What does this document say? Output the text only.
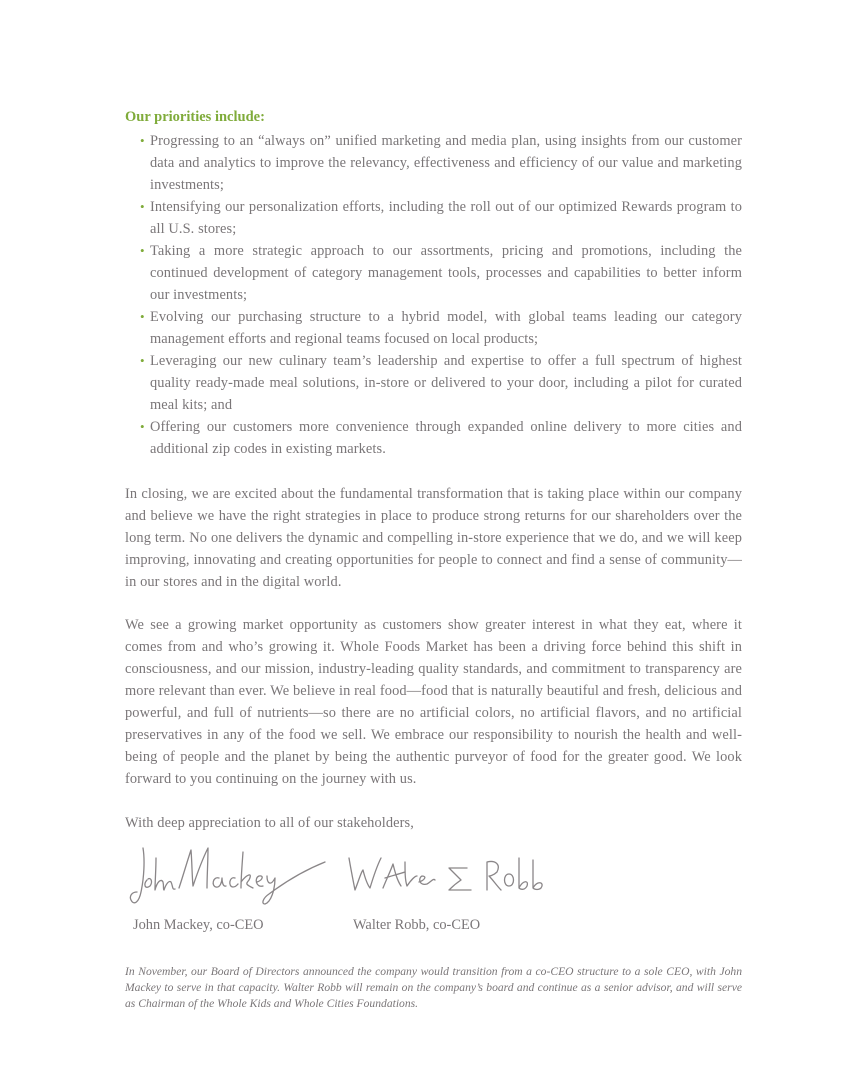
Our priorities include:
• Progressing to an “always on” unified marketing and media plan, using insights from our customer data and analytics to improve the relevancy, effectiveness and efficiency of our value and marketing investments;
• Intensifying our personalization efforts, including the roll out of our optimized Rewards program to all U.S. stores;
• Taking a more strategic approach to our assortments, pricing and promotions, including the continued development of category management tools, processes and capabilities to better inform our investments;
• Evolving our purchasing structure to a hybrid model, with global teams leading our category management efforts and regional teams focused on local products;
• Leveraging our new culinary team’s leadership and expertise to offer a full spectrum of highest quality ready-made meal solutions, in-store or delivered to your door, including a pilot for curated meal kits; and
• Offering our customers more convenience through expanded online delivery to more cities and additional zip codes in existing markets.

In closing, we are excited about the fundamental transformation that is taking place within our company and believe we have the right strategies in place to produce strong returns for our shareholders over the long term. No one delivers the dynamic and compelling in-store experience that we do, and we will keep improving, innovating and creating opportunities for people to connect and find a sense of community—in our stores and in the digital world.

We see a growing market opportunity as customers show greater interest in what they eat, where it comes from and who’s growing it. Whole Foods Market has been a driving force behind this shift in consciousness, and our mission, industry-leading quality standards, and commitment to transparency are more relevant than ever. We believe in real food—food that is naturally beautiful and fresh, delicious and powerful, and full of nutrients—so there are no artificial colors, no artificial flavors, and no artificial preservatives in any of the food we sell. We embrace our responsibility to nourish the health and well-being of people and the planet by being the authentic purveyor of food for the greater good. We look forward to you continuing on the journey with us.

With deep appreciation to all of our stakeholders,

John Mackey, co-CEO	Walter Robb, co-CEO

In November, our Board of Directors announced the company would transition from a co-CEO structure to a sole CEO, with John Mackey to serve in that capacity. Walter Robb will remain on the company’s board and continue as a senior advisor, and will serve as Chairman of the Whole Kids and Whole Cities Foundations.
